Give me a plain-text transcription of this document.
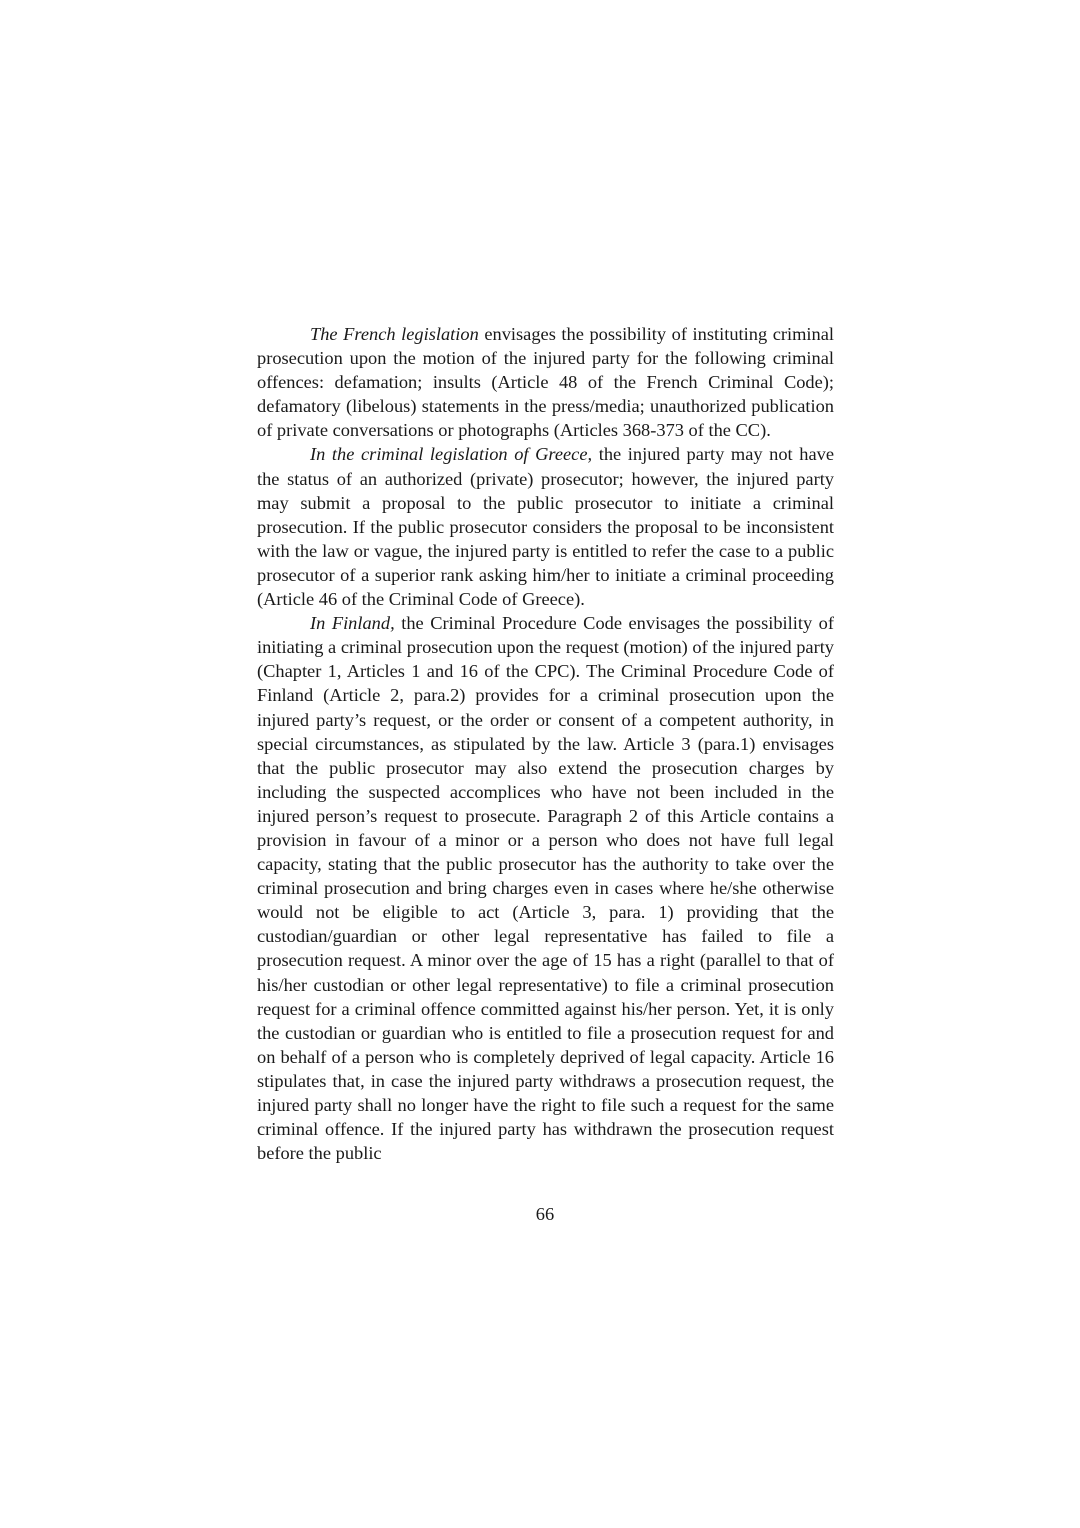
The French legislation envisages the possibility of instituting criminal prosecution upon the motion of the injured party for the following criminal offences: defamation; insults (Article 48 of the French Criminal Code); defamatory (libelous) statements in the press/media; unauthorized publication of private conversations or photographs (Articles 368-373 of the CC).

In the criminal legislation of Greece, the injured party may not have the status of an authorized (private) prosecutor; however, the injured party may submit a proposal to the public prosecutor to initiate a criminal prosecution. If the public prosecutor considers the proposal to be inconsistent with the law or vague, the injured party is entitled to refer the case to a public prosecutor of a superior rank asking him/her to initiate a criminal proceeding (Article 46 of the Criminal Code of Greece).

In Finland, the Criminal Procedure Code envisages the possibility of initiating a criminal prosecution upon the request (motion) of the injured party (Chapter 1, Articles 1 and 16 of the CPC). The Criminal Procedure Code of Finland (Article 2, para.2) provides for a criminal prosecution upon the injured party’s request, or the order or consent of a competent authority, in special circumstances, as stipulated by the law. Article 3 (para.1) envisages that the public prosecutor may also extend the prosecution charges by including the suspected accomplices who have not been included in the injured person’s request to prosecute. Paragraph 2 of this Article contains a provision in favour of a minor or a person who does not have full legal capacity, stating that the public prosecutor has the authority to take over the criminal prosecution and bring charges even in cases where he/she otherwise would not be eligible to act (Article 3, para. 1) providing that the custodian/guardian or other legal representative has failed to file a prosecution request. A minor over the age of 15 has a right (parallel to that of his/her custodian or other legal representative) to file a criminal prosecution request for a criminal offence committed against his/her person. Yet, it is only the custodian or guardian who is entitled to file a prosecution request for and on behalf of a person who is completely deprived of legal capacity. Article 16 stipulates that, in case the injured party withdraws a prosecution request, the injured party shall no longer have the right to file such a request for the same criminal offence. If the injured party has withdrawn the prosecution request before the public

66
